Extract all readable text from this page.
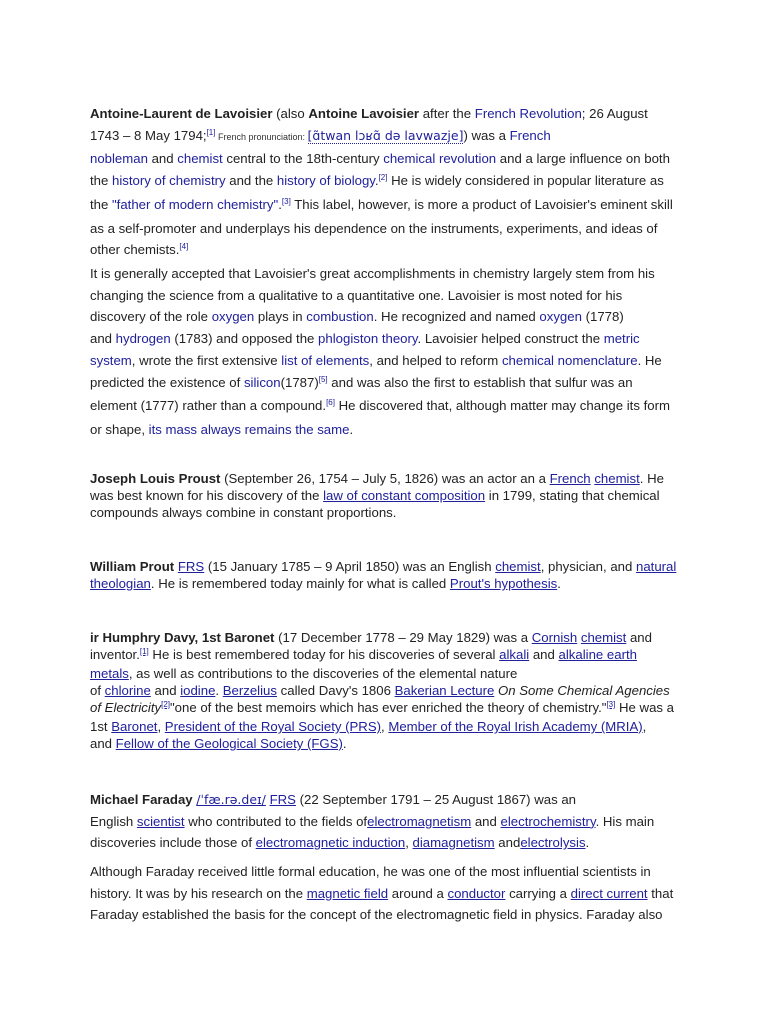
Antoine-Laurent de Lavoisier (also Antoine Lavoisier after the French Revolution; 26 August
1743 – 8 May 1794;[1] French pronunciation: [ɑ̃twan lɔʁɑ̃ də lavwazje]) was a French
nobleman and chemist central to the 18th-century chemical revolution and a large influence on both
the history of chemistry and the history of biology.[2] He is widely considered in popular literature as
the "father of modern chemistry".[3] This label, however, is more a product of Lavoisier's eminent skill
as a self-promoter and underplays his dependence on the instruments, experiments, and ideas of
other chemists.[4]
It is generally accepted that Lavoisier's great accomplishments in chemistry largely stem from his
changing the science from a qualitative to a quantitative one. Lavoisier is most noted for his
discovery of the role oxygen plays in combustion. He recognized and named oxygen (1778)
and hydrogen (1783) and opposed the phlogiston theory. Lavoisier helped construct the metric
system, wrote the first extensive list of elements, and helped to reform chemical nomenclature. He
predicted the existence of silicon(1787)[5] and was also the first to establish that sulfur was an
element (1777) rather than a compound.[6] He discovered that, although matter may change its form
or shape, its mass always remains the same.
Joseph Louis Proust (September 26, 1754 – July 5, 1826) was an actor an a French chemist. He
was best known for his discovery of the law of constant composition in 1799, stating that chemical
compounds always combine in constant proportions.
William Prout FRS (15 January 1785 – 9 April 1850) was an English chemist, physician, and natural
theologian. He is remembered today mainly for what is called Prout's hypothesis.
ir Humphry Davy, 1st Baronet (17 December 1778 – 29 May 1829) was a Cornish chemist and
inventor.[1] He is best remembered today for his discoveries of several alkali and alkaline earth
metals, as well as contributions to the discoveries of the elemental nature
of chlorine and iodine. Berzelius called Davy's 1806 Bakerian Lecture On Some Chemical Agencies
of Electricity[2]"one of the best memoirs which has ever enriched the theory of chemistry."[3] He was a
1st Baronet, President of the Royal Society (PRS), Member of the Royal Irish Academy (MRIA),
and Fellow of the Geological Society (FGS).
Michael Faraday /ˈfæ.rə.deɪ/ FRS (22 September 1791 – 25 August 1867) was an
English scientist who contributed to the fields ofelectromagnetism and electrochemistry. His main
discoveries include those of electromagnetic induction, diamagnetism andelectrolysis.
Although Faraday received little formal education, he was one of the most influential scientists in
history. It was by his research on the magnetic field around a conductor carrying a direct current that
Faraday established the basis for the concept of the electromagnetic field in physics. Faraday also
